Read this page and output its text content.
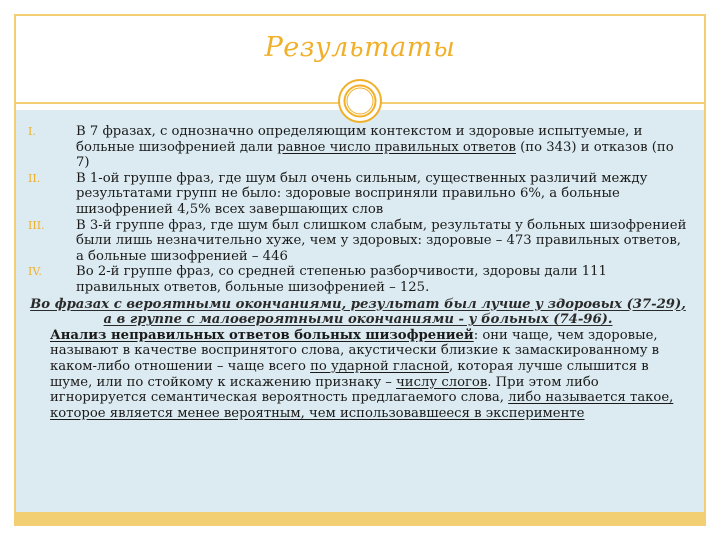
Результаты
I.	В 7 фразах, с однозначно определяющим контекстом и здоровые испытуемые, и больные шизофренией дали равное число правильных ответов (по 343) и отказов (по 7)
II.	В 1-ой группе фраз, где шум был очень сильным, существенных различий между результатами групп не было: здоровые восприняли правильно 6%, а больные шизофренией 4,5% всех завершающих слов
III.	В 3-й группе фраз, где шум был слишком слабым, результаты у больных шизофренией были лишь незначительно хуже, чем у здоровых: здоровые – 473 правильных ответов, а больные шизофренией – 446
IV.	Во 2-й группе фраз, со средней степенью разборчивости, здоровы дали 111 правильных ответов, больные шизофренией – 125.
Во фразах с вероятными окончаниями, результат был лучше у здоровых (37-29), а в группе с маловероятными окончаниями - у больных (74-96).
Анализ неправильных ответов больных шизофренией: они чаще, чем здоровые, называют в качестве воспринятого слова, акустически близкие к замаскированному в каком-либо отношении – чаще всего по ударной гласной, которая лучше слышится в шуме, или по стойкому к искажению признаку – числу слогов. При этом либо игнорируется семантическая вероятность предлагаемого слова, либо называется такое, которое является менее вероятным, чем использовавшееся в эксперименте
